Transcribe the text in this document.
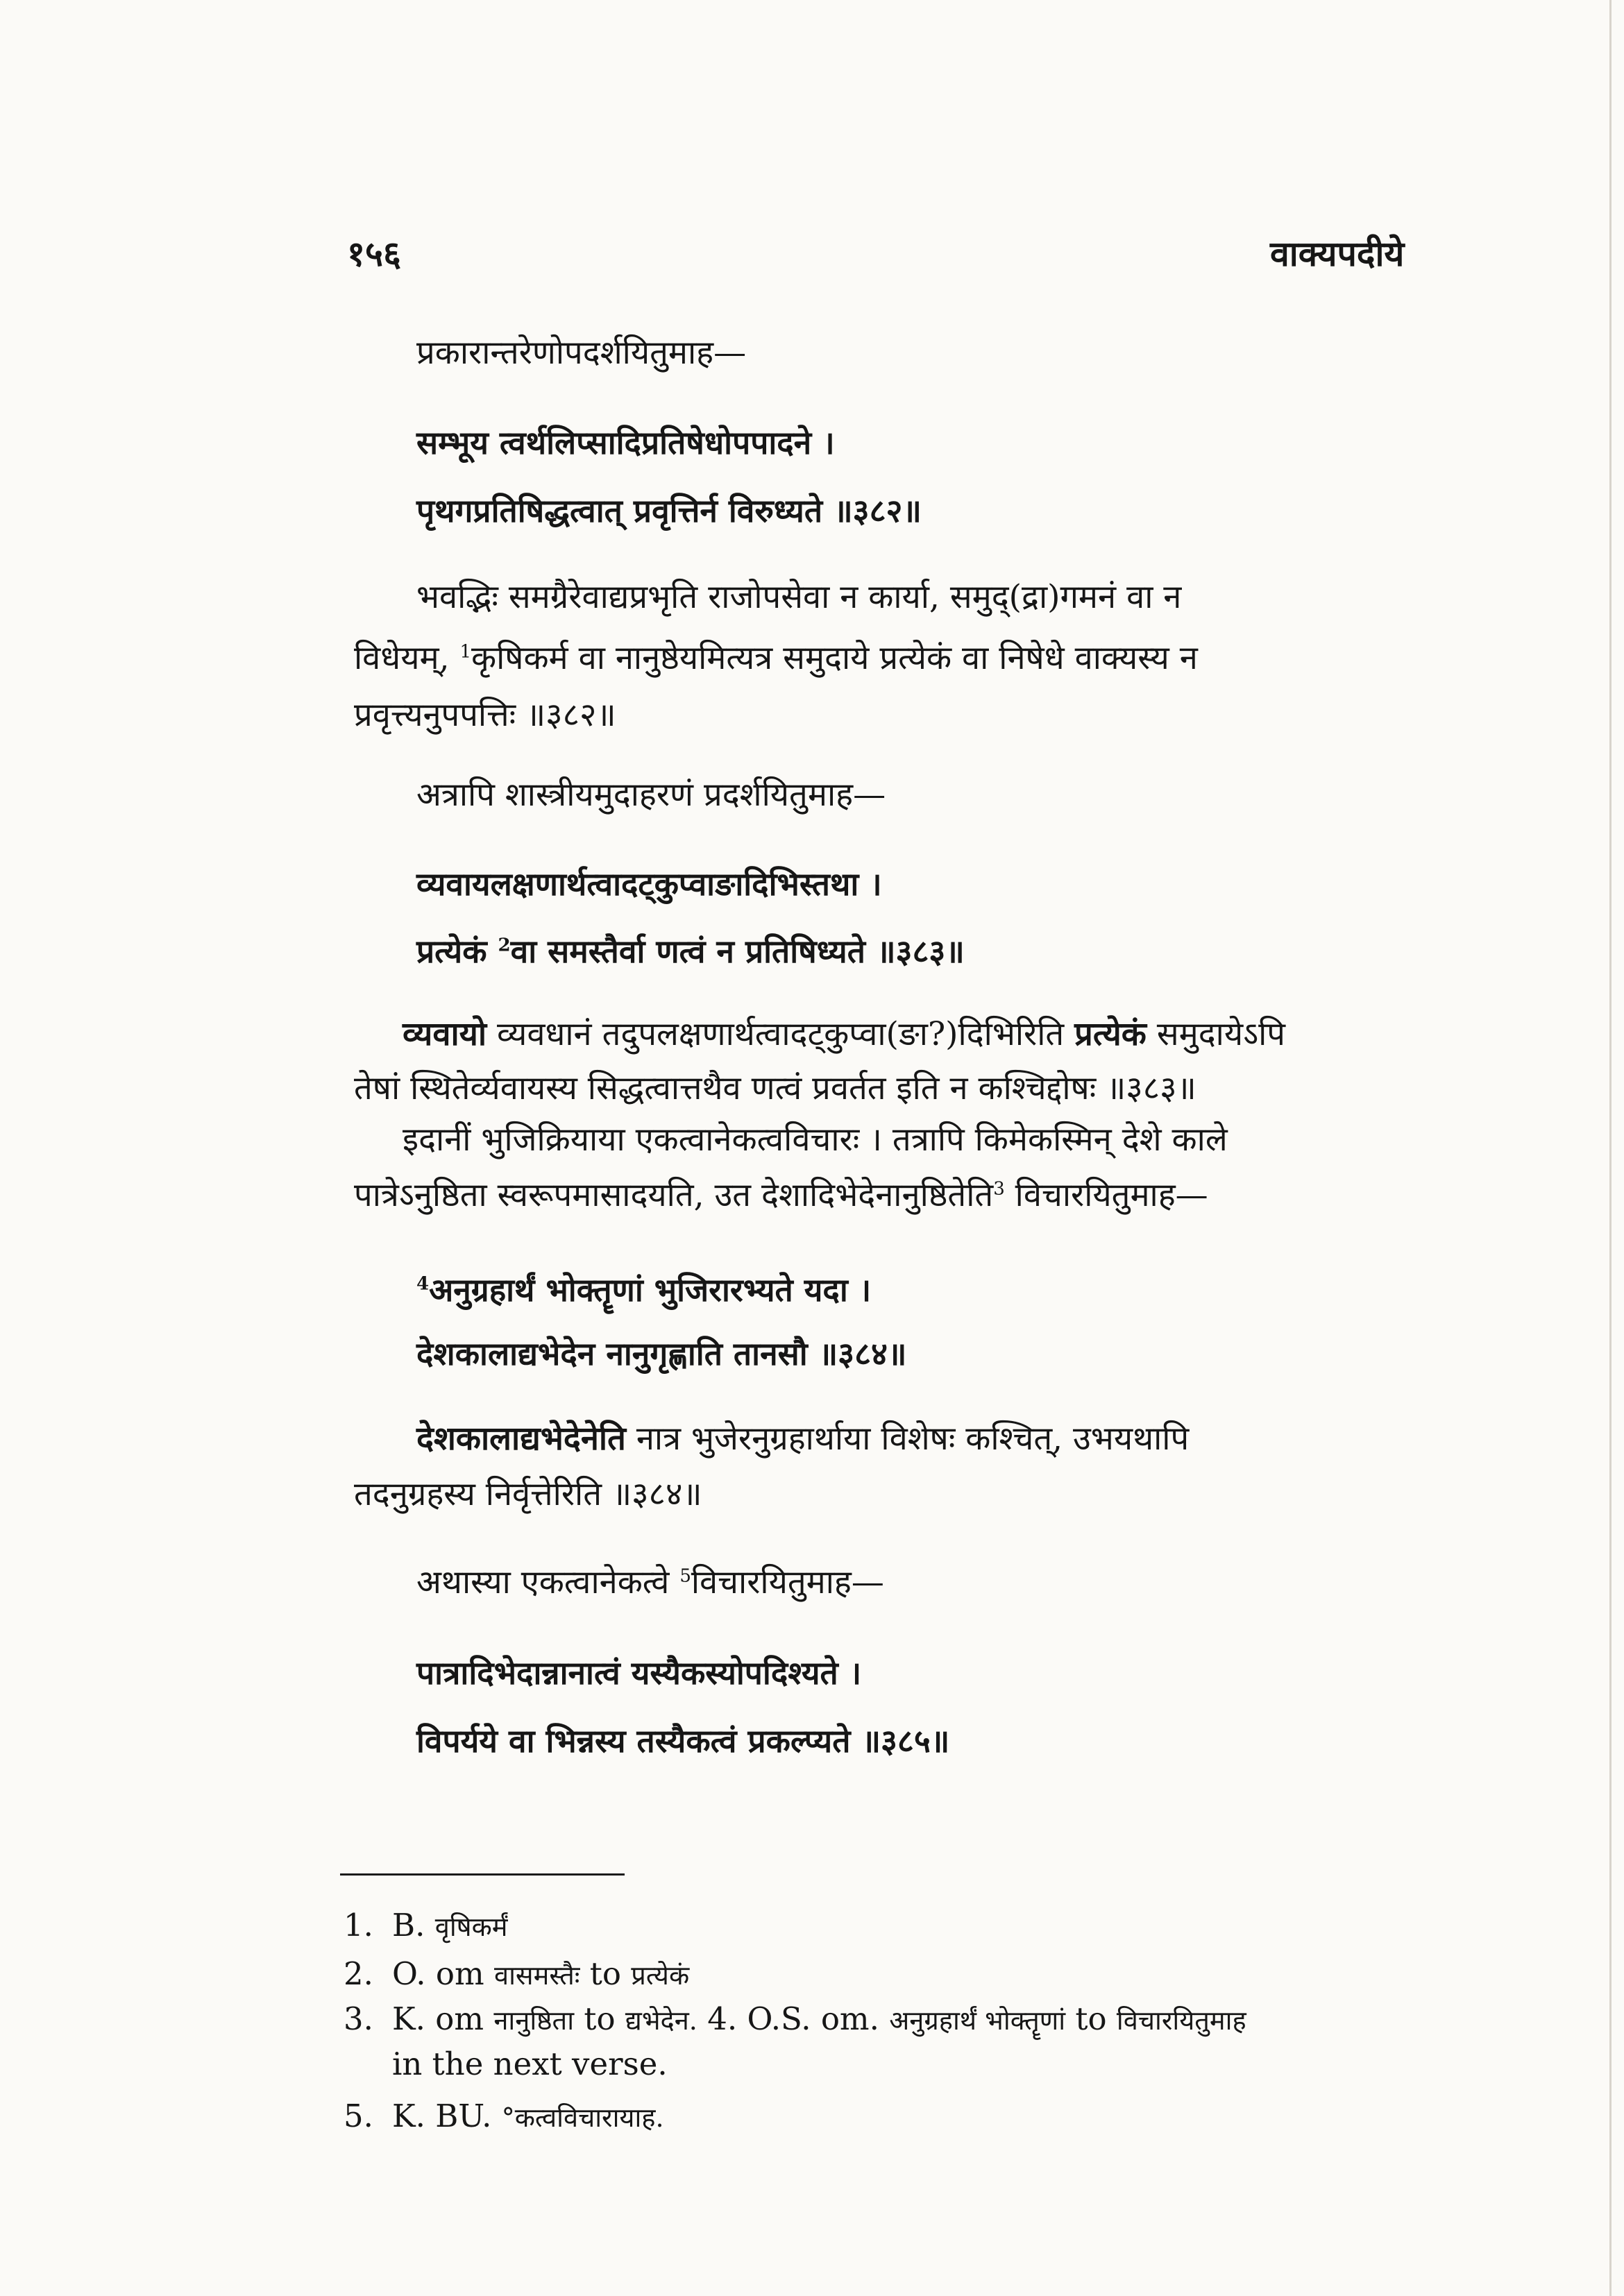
१५६	वाक्यपदीये
प्रकारान्तरेणोपदर्शयितुमाह—
सम्भूय त्वर्थलिप्सादिप्रतिषेधोपपादने ।
पृथगप्रतिषिद्धत्वात् प्रवृत्तिर्न विरुध्यते ॥३८२॥
भवद्भिः समग्रैरेवाद्यप्रभृति राजोपसेवा न कार्या, समुद्(द्रा)गमनं वा न
विधेयम्, $^1$कृषिकर्म वा नानुष्ठेयमित्यत्र समुदाये प्रत्येकं वा निषेधे वाक्यस्य न
प्रवृत्त्यनुपपत्तिः ॥३८२॥
अत्रापि शास्त्रीयमुदाहरणं प्रदर्शयितुमाह—
व्यवायलक्षणार्थत्वादट्कुप्वाङादिभिस्तथा ।
प्रत्येकं $^2$वा समस्तैर्वा णत्वं न प्रतिषिध्यते ॥३८३॥
व्यवायो व्यवधानं तदुपलक्षणार्थत्वादट्कुप्वा(ङा?)दिभिरिति प्रत्येकं समुदायेऽपि
तेषां स्थितेर्व्यवायस्य सिद्धत्वात्तथैव णत्वं प्रवर्तत इति न कश्चिद्दोषः ॥३८३॥
इदानीं भुजिक्रियाया एकत्वानेकत्वविचारः । तत्रापि किमेकस्मिन् देशे काले
पात्रेऽनुष्ठिता स्वरूपमासादयति, उत देशादिभेदेनानुष्ठितेति$^3$ विचारयितुमाह—
$^4$अनुग्रहार्थं भोक्तॄणां भुजिरारभ्यते यदा ।
देशकालाद्यभेदेन नानुगृह्णाति तानसौ ॥३८४॥
देशकालाद्यभेदेनेति नात्र भुजेरनुग्रहार्थाया विशेषः कश्चित्, उभयथापि
तदनुग्रहस्य निर्वृत्तेरिति ॥३८४॥
अथास्या एकत्वानेकत्वे $^5$विचारयितुमाह—
पात्रादिभेदान्नानात्वं यस्यैकस्योपदिश्यते ।
विपर्यये वा भिन्नस्य तस्यैकत्वं प्रकल्प्यते ॥३८५॥
1. B. वृषिकर्मं
2. O. om वासमस्तैः to प्रत्येकं
3. K. om नानुष्ठिता to द्यभेदेन. 4. O.S. om. अनुग्रहार्थं भोक्तॄणां to विचारयितुमाह
in the next verse.
5. K. BU. °कत्वविचारायाह.
